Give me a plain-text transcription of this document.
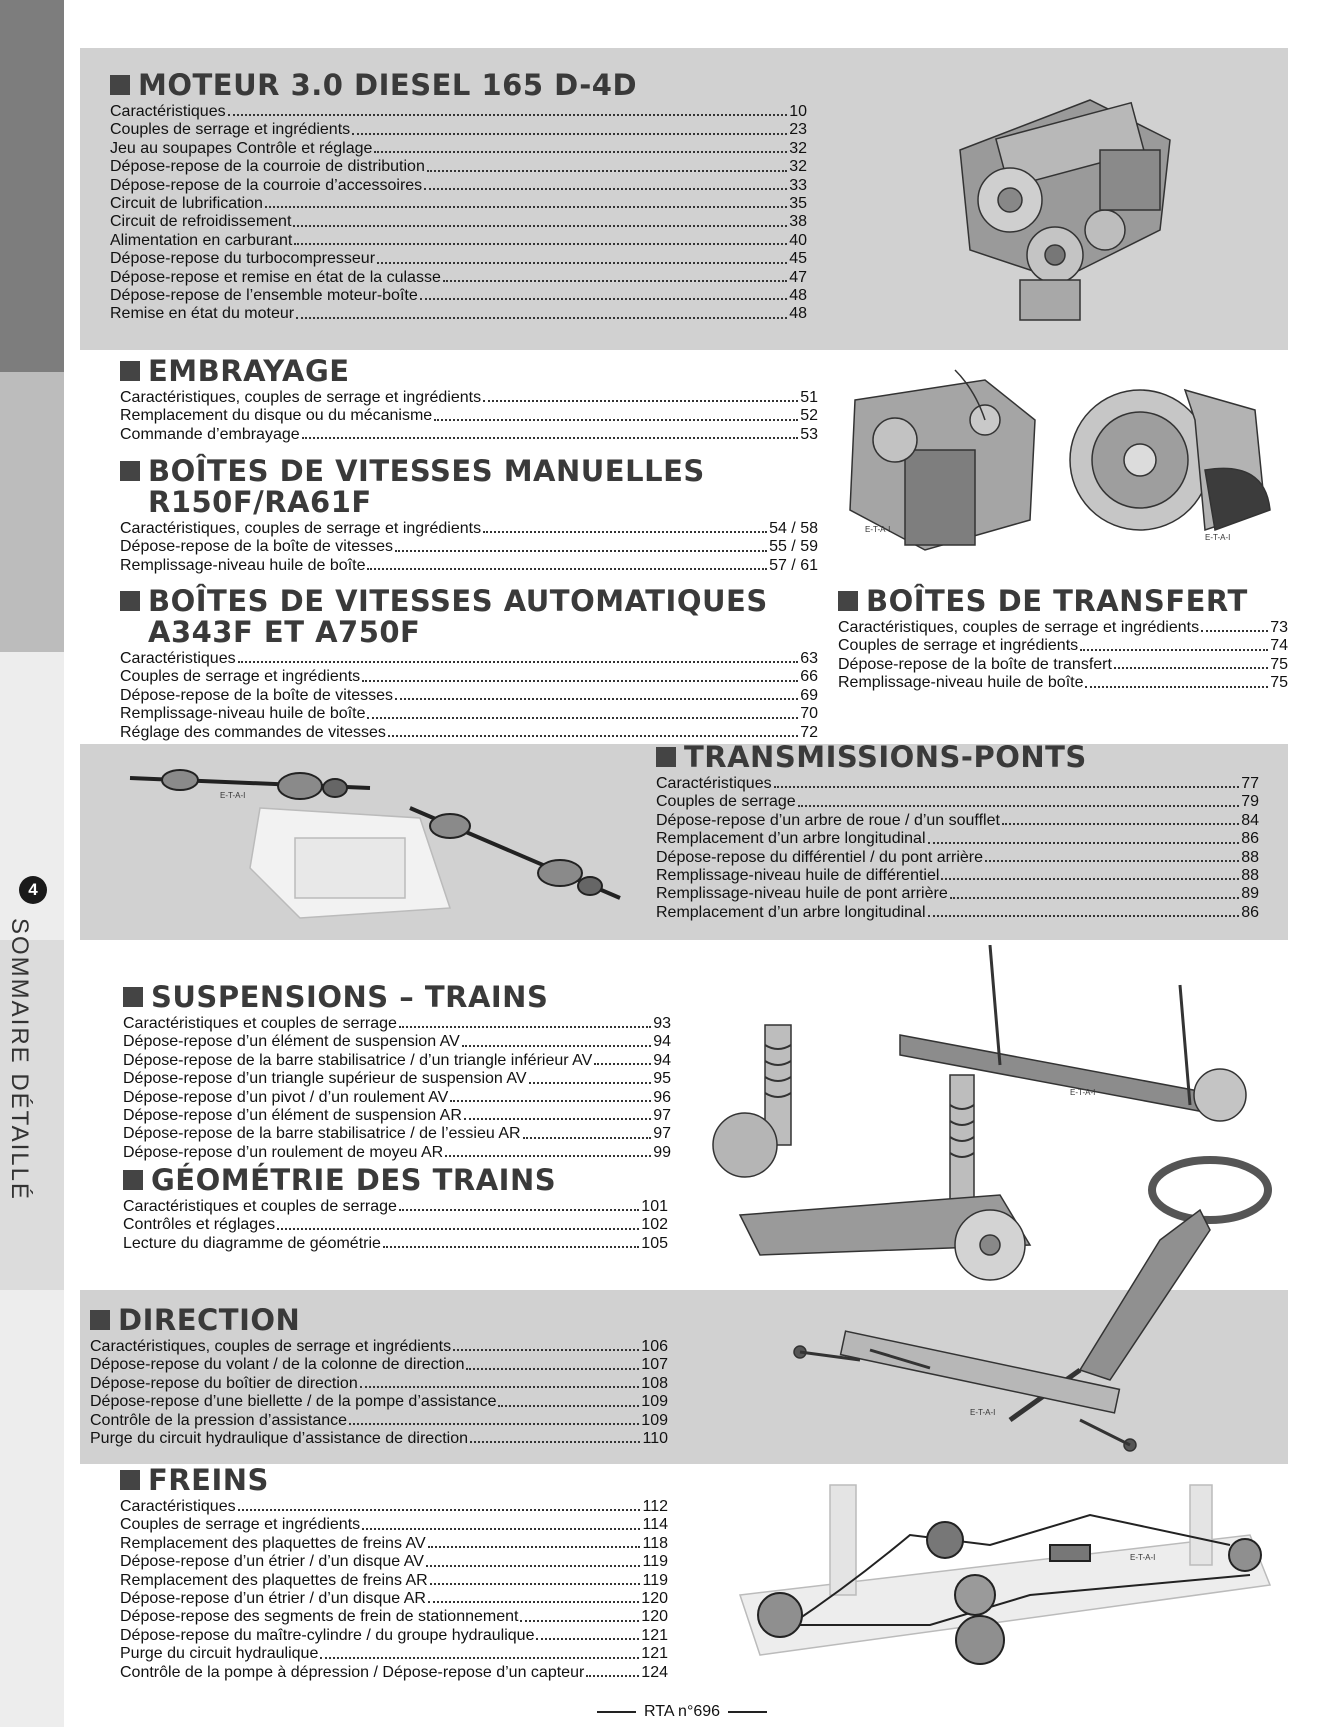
4
SOMMAIRE DÉTAILLÉ
MOTEUR 3.0 DIESEL 165 D-4D
Caractéristiques	10
Couples de serrage et ingrédients	23
Jeu au soupapes Contrôle et réglage	32
Dépose-repose de la courroie de distribution	32
Dépose-repose de la courroie d’accessoires	33
Circuit de lubrification	35
Circuit de refroidissement	38
Alimentation en carburant	40
Dépose-repose du turbocompresseur	45
Dépose-repose et remise en état de la culasse	47
Dépose-repose de l’ensemble moteur-boîte	48
Remise en état du moteur	48
EMBRAYAGE
Caractéristiques, couples de serrage et ingrédients	51
Remplacement du disque ou du mécanisme	52
Commande d’embrayage	53
BOÎTES DE VITESSES MANUELLES
R150F/RA61F
Caractéristiques, couples de serrage et ingrédients	54 / 58
Dépose-repose de la boîte de vitesses	55 / 59
Remplissage-niveau huile de boîte	57 / 61
BOÎTES DE VITESSES AUTOMATIQUES
A343F ET A750F
Caractéristiques	63
Couples de serrage et ingrédients	66
Dépose-repose de la boîte de vitesses	69
Remplissage-niveau huile de boîte	70
Réglage des commandes de vitesses	72
BOÎTES DE TRANSFERT
Caractéristiques, couples de serrage et ingrédients	73
Couples de serrage et ingrédients	74
Dépose-repose de la boîte de transfert	75
Remplissage-niveau huile de boîte	75
TRANSMISSIONS-PONTS
Caractéristiques	77
Couples de serrage	79
Dépose-repose d’un arbre de roue / d’un soufflet	84
Remplacement d’un arbre longitudinal	86
Dépose-repose du différentiel / du pont arrière	88
Remplissage-niveau huile de différentiel	88
Remplissage-niveau huile de pont arrière	89
Remplacement d’un arbre longitudinal	86
SUSPENSIONS – TRAINS
Caractéristiques et couples de serrage	93
Dépose-repose d’un élément de suspension AV	94
Dépose-repose de la barre stabilisatrice / d’un triangle inférieur AV	94
Dépose-repose d’un triangle supérieur de suspension AV	95
Dépose-repose d’un pivot / d’un roulement AV	96
Dépose-repose d’un élément de suspension AR	97
Dépose-repose de la barre stabilisatrice / de l’essieu AR	97
Dépose-repose d’un roulement de moyeu AR	99
GÉOMÉTRIE DES TRAINS
Caractéristiques et couples de serrage	101
Contrôles et réglages	102
Lecture du diagramme de géométrie	105
DIRECTION
Caractéristiques, couples de serrage et ingrédients	106
Dépose-repose du volant / de la colonne de direction	107
Dépose-repose du boîtier de direction	108
Dépose-repose d’une biellette / de la pompe d’assistance	109
Contrôle de la pression d’assistance	109
Purge du circuit hydraulique d’assistance de direction	110
FREINS
Caractéristiques	112
Couples de serrage et ingrédients	114
Remplacement des plaquettes de freins AV	118
Dépose-repose d’un étrier / d’un disque AV	119
Remplacement des plaquettes de freins AR	119
Dépose-repose d’un étrier / d’un disque AR	120
Dépose-repose des segments de frein de stationnement	120
Dépose-repose du maître-cylindre / du groupe hydraulique	121
Purge du circuit hydraulique	121
Contrôle de la pompe à dépression / Dépose-repose d’un capteur	124
E-T-A-I
E-T-A-I
E-T-A-I
E-T-A-I
E-T-A-I
E-T-A-I
RTA n°696
